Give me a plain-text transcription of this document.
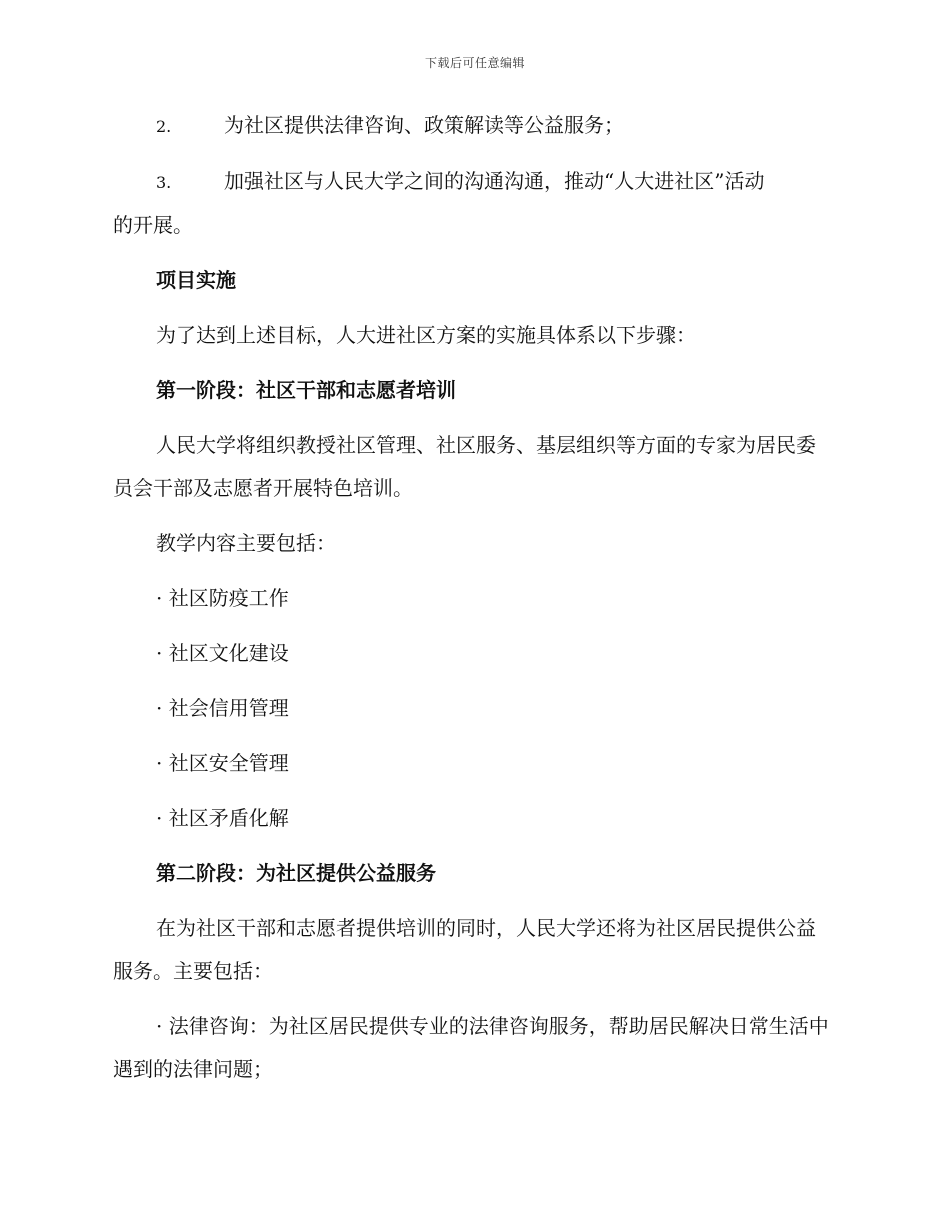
下载后可任意编辑
2.	为社区提供法律咨询、政策解读等公益服务；
3.	加强社区与人民大学之间的沟通沟通，推动“人大进社区”活动
的开展。
项目实施
为了达到上述目标，人大进社区方案的实施具体系以下步骤：
第一阶段：社区干部和志愿者培训
人民大学将组织教授社区管理、社区服务、基层组织等方面的专家为居民委员会干部及志愿者开展特色培训。
教学内容主要包括：
· 社区防疫工作
· 社区文化建设
· 社会信用管理
· 社区安全管理
· 社区矛盾化解
第二阶段：为社区提供公益服务
在为社区干部和志愿者提供培训的同时，人民大学还将为社区居民提供公益服务。主要包括：
· 法律咨询：为社区居民提供专业的法律咨询服务，帮助居民解决日常生活中遇到的法律问题；
